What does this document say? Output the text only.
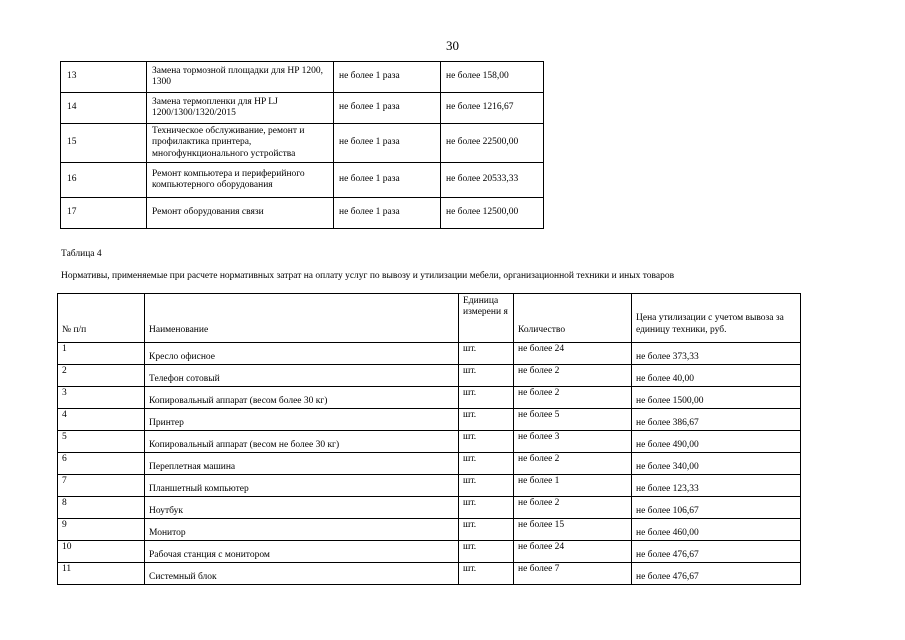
30
13	Замена тормозной площадки для HP 1200, 1300	не более 1 раза	не более 158,00
14	Замена термопленки для HP LJ 1200/1300/1320/2015	не более 1 раза	не более 1216,67
15	Техническое обслуживание, ремонт и профилактика принтера, многофункционального устройства	не более 1 раза	не более 22500,00
16	Ремонт компьютера и периферийного компьютерного оборудования	не более 1 раза	не более 20533,33
17	Ремонт оборудования связи	не более 1 раза	не более 12500,00
Таблица 4
Нормативы, применяемые при расчете нормативных затрат на оплату услуг по вывозу и утилизации мебели, организационной техники и иных товаров
№ п/п	Наименование	Единица измерени я	Количество	Цена утилизации с учетом вывоза за единицу техники, руб.
1	Кресло офисное	шт.	не более 24	не более 373,33
2	Телефон сотовый	шт.	не более 2	не более 40,00
3	Копировальный аппарат (весом более 30 кг)	шт.	не более 2	не более 1500,00
4	Принтер	шт.	не более 5	не более 386,67
5	Копировальный аппарат (весом не более 30 кг)	шт.	не более 3	не более 490,00
6	Переплетная машина	шт.	не более 2	не более 340,00
7	Планшетный компьютер	шт.	не более 1	не более 123,33
8	Ноутбук	шт.	не более 2	не более 106,67
9	Монитор	шт.	не более 15	не более 460,00
10	Рабочая станция с монитором	шт.	не более 24	не более 476,67
11	Системный блок	шт.	не более 7	не более 476,67
